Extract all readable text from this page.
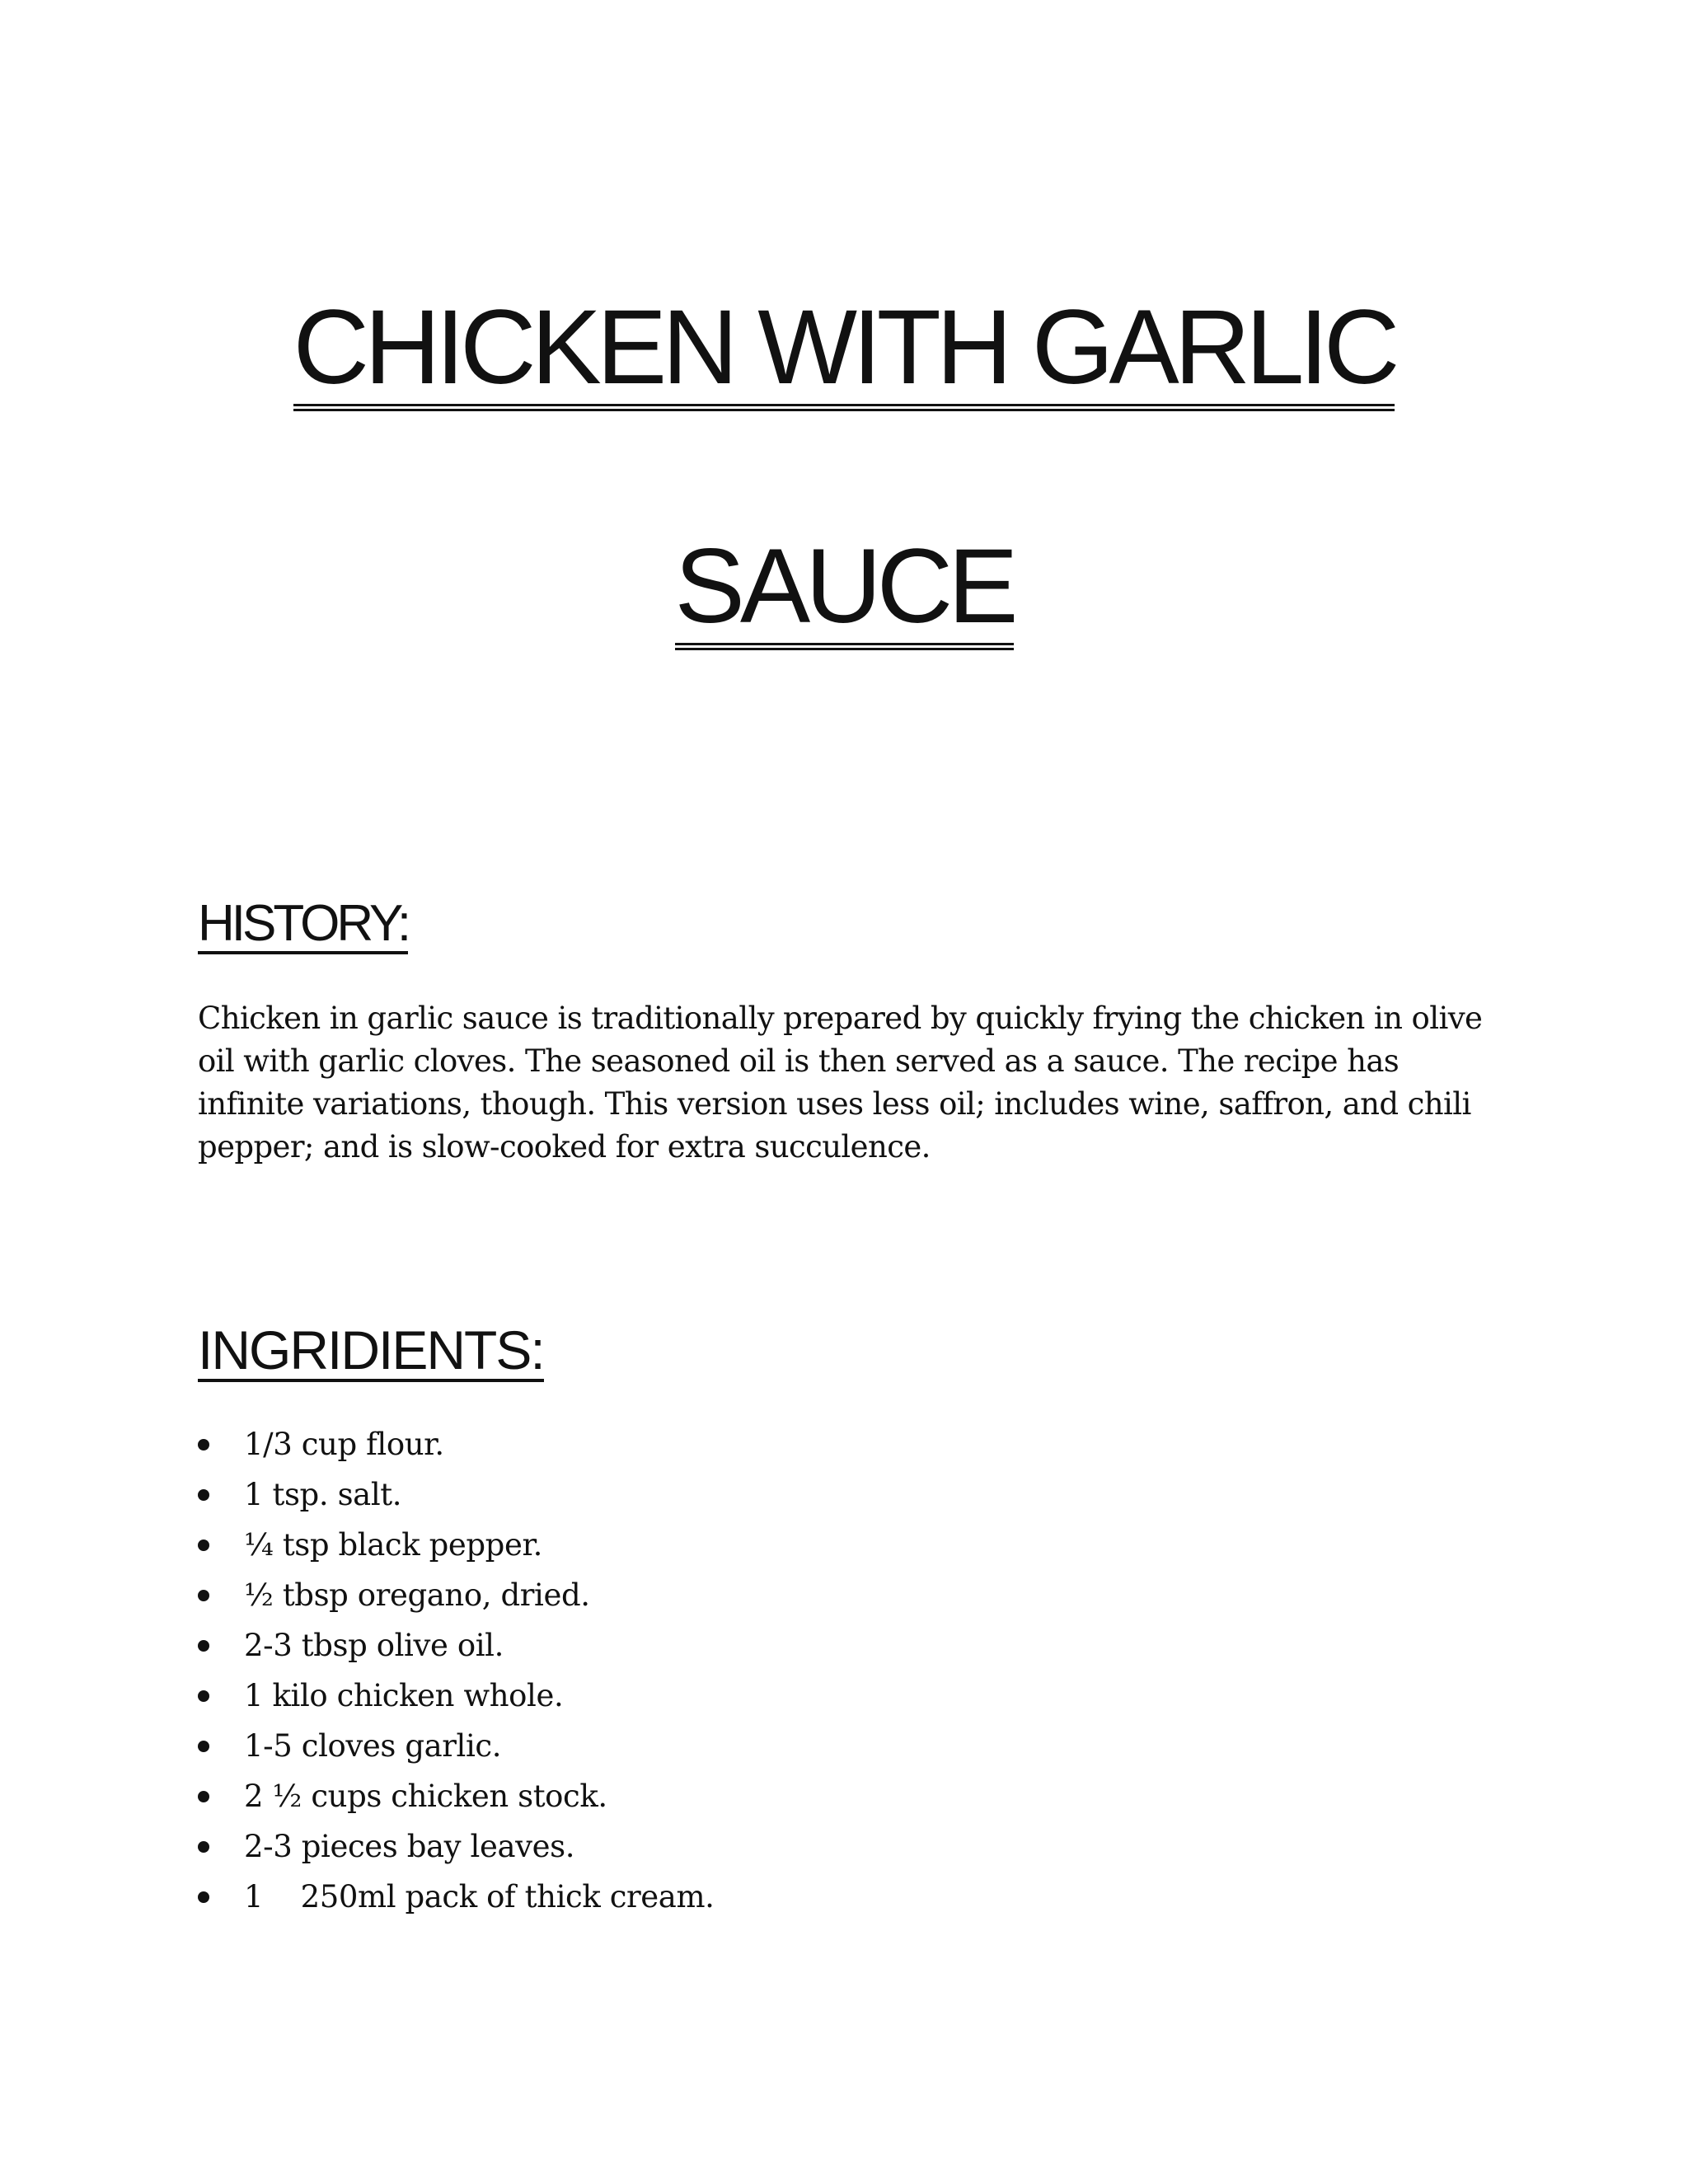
CHICKEN WITH GARLIC
SAUCE
HISTORY:

Chicken in garlic sauce is traditionally prepared by quickly frying the chicken in olive oil with garlic cloves. The seasoned oil is then served as a sauce. The recipe has infinite variations, though. This version uses less oil; includes wine, saffron, and chili pepper; and is slow-cooked for extra succulence.

INGRIDIENTS:
1/3 cup flour.
1 tsp. salt.
¼ tsp black pepper.
½ tbsp oregano, dried.
2-3 tbsp olive oil.
1 kilo chicken whole.
1-5 cloves garlic.
2 ½ cups chicken stock.
2-3 pieces bay leaves.
1    250ml pack of thick cream.
